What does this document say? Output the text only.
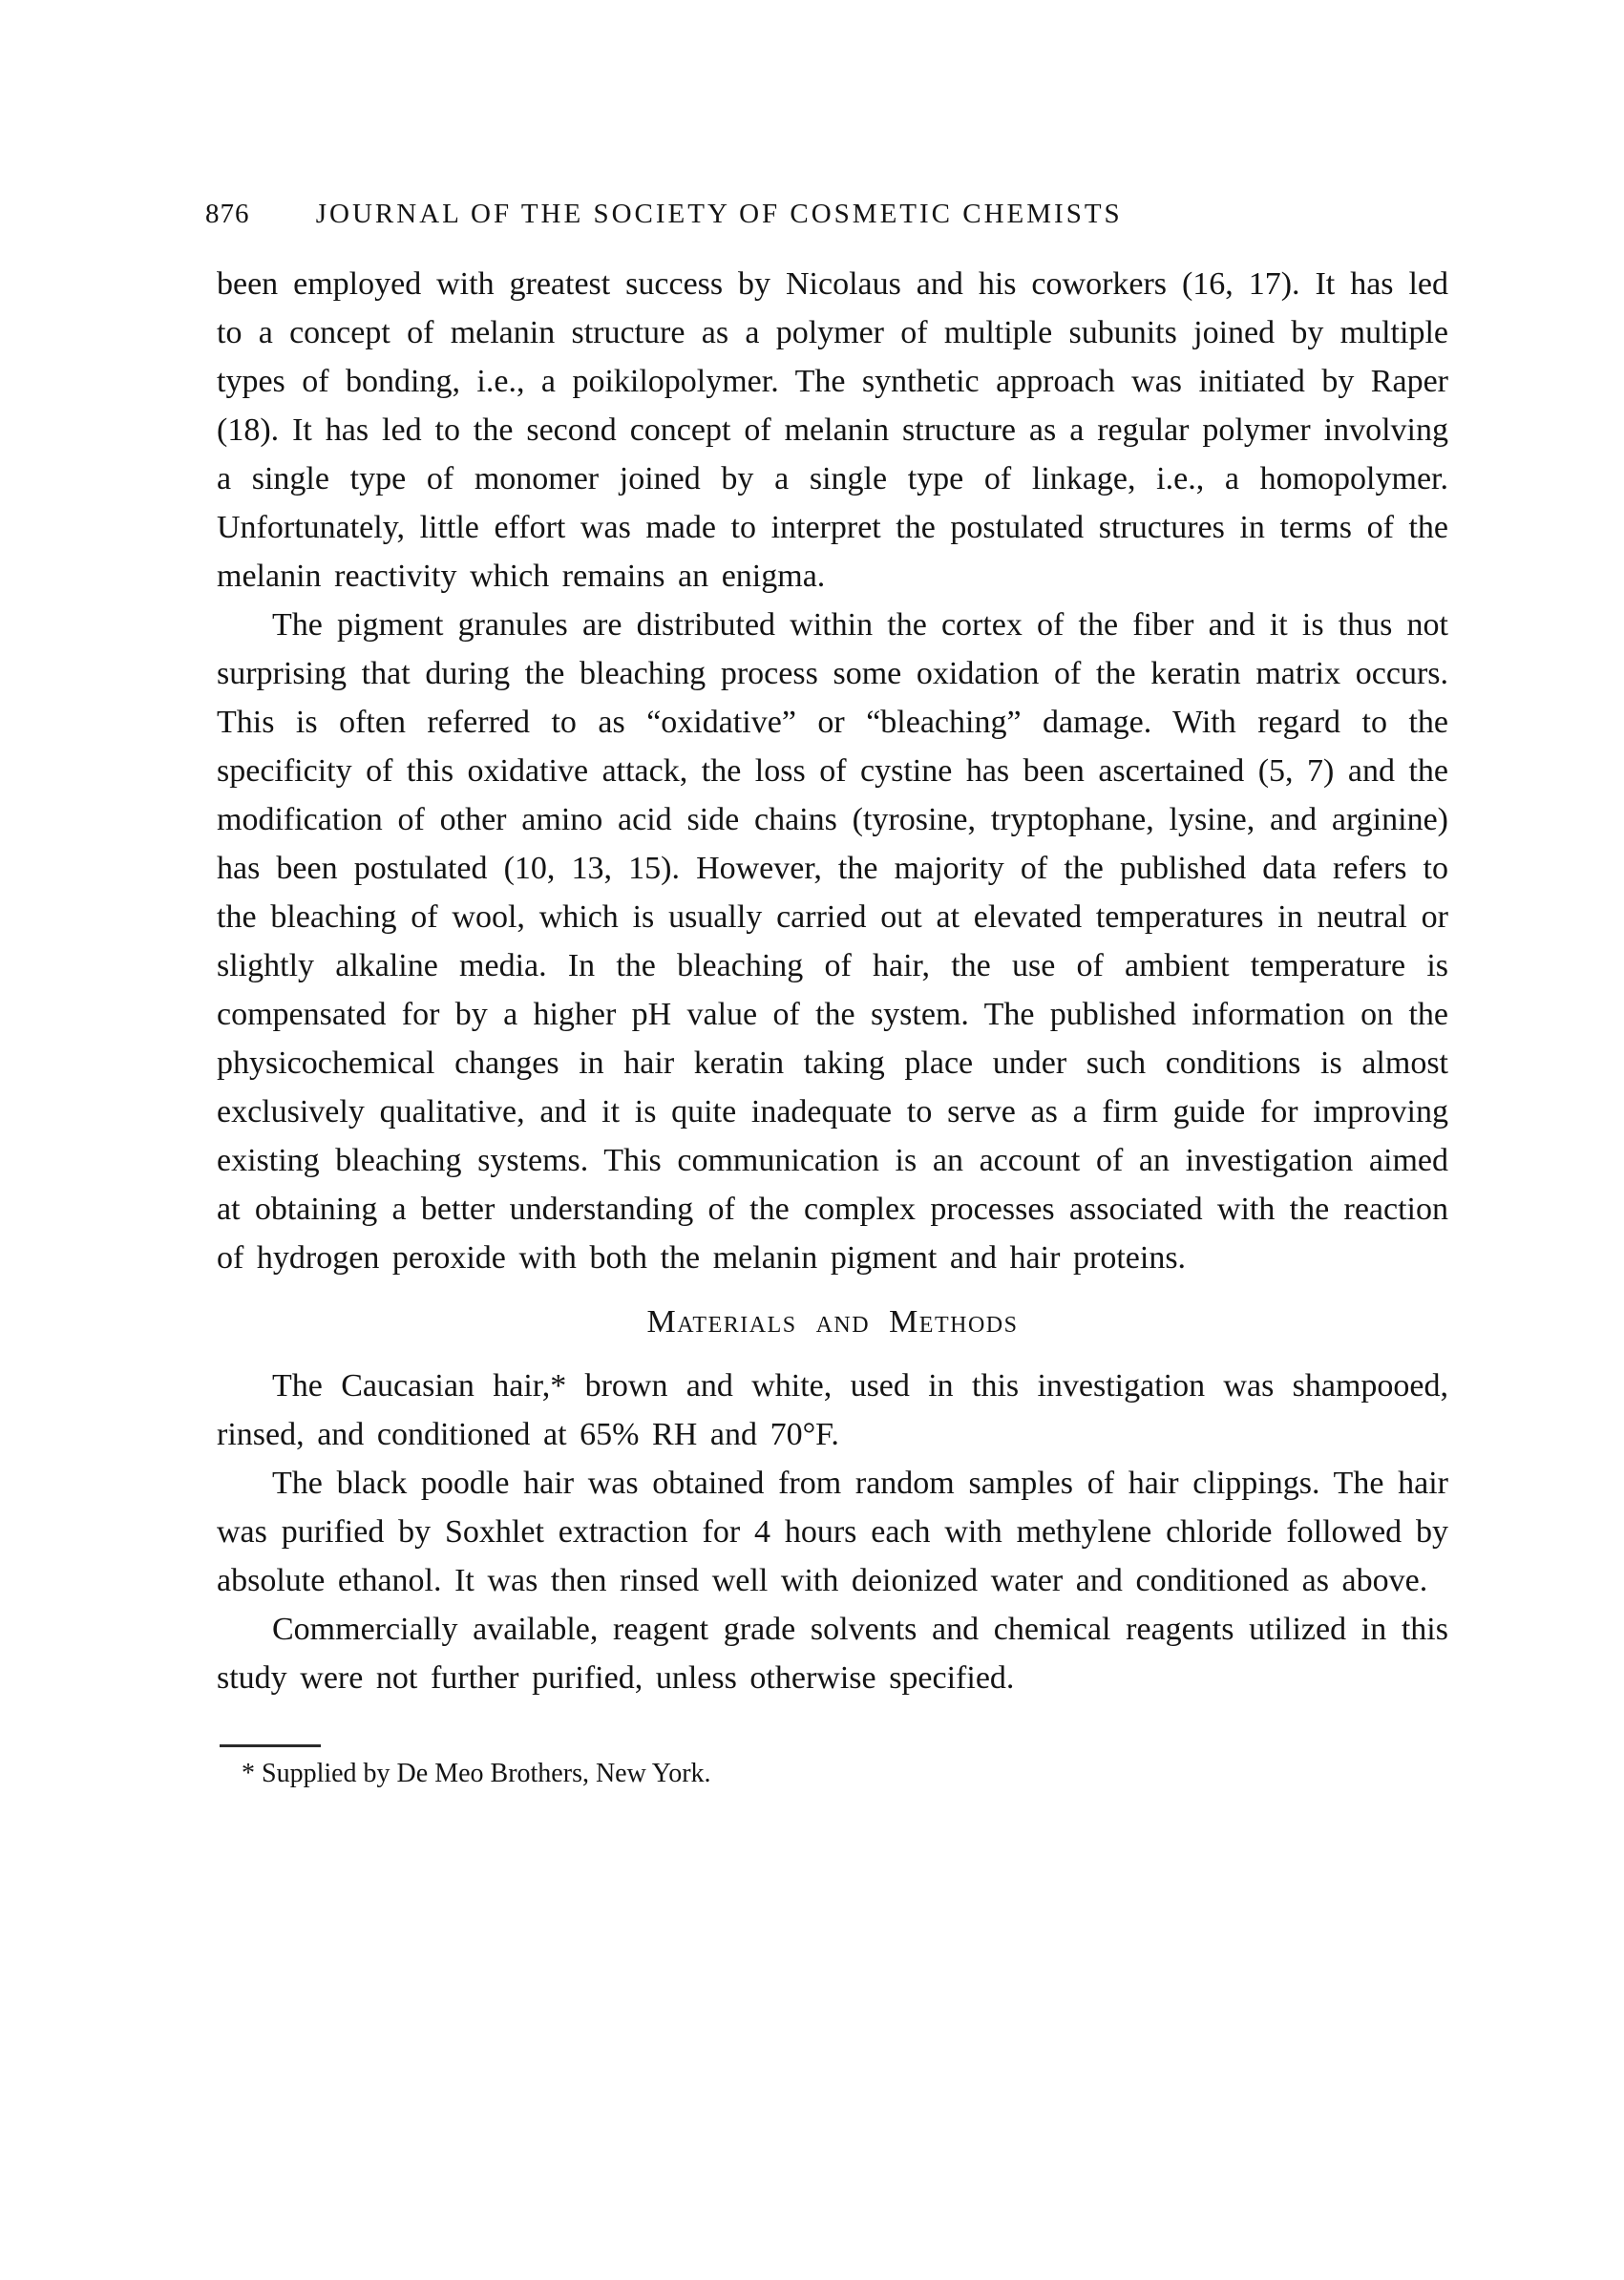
876 JOURNAL OF THE SOCIETY OF COSMETIC CHEMISTS

been employed with greatest success by Nicolaus and his coworkers (16, 17). It has led to a concept of melanin structure as a polymer of multiple subunits joined by multiple types of bonding, i.e., a poikilopolymer. The synthetic approach was initiated by Raper (18). It has led to the second concept of melanin structure as a regular polymer involving a single type of monomer joined by a single type of linkage, i.e., a homopolymer. Unfortunately, little effort was made to interpret the postulated structures in terms of the melanin reactivity which remains an enigma.

The pigment granules are distributed within the cortex of the fiber and it is thus not surprising that during the bleaching process some oxidation of the keratin matrix occurs. This is often referred to as “oxidative” or “bleaching” damage. With regard to the specificity of this oxidative attack, the loss of cystine has been ascertained (5, 7) and the modification of other amino acid side chains (tyrosine, tryptophane, lysine, and arginine) has been postulated (10, 13, 15). However, the majority of the published data refers to the bleaching of wool, which is usually carried out at elevated temperatures in neutral or slightly alkaline media. In the bleaching of hair, the use of ambient temperature is compensated for by a higher pH value of the system. The published information on the physicochemical changes in hair keratin taking place under such conditions is almost exclusively qualitative, and it is quite inadequate to serve as a firm guide for improving existing bleaching systems. This communication is an account of an investigation aimed at obtaining a better understanding of the complex processes associated with the reaction of hydrogen peroxide with both the melanin pigment and hair proteins.

Materials and Methods

The Caucasian hair,* brown and white, used in this investigation was shampooed, rinsed, and conditioned at 65% RH and 70°F.

The black poodle hair was obtained from random samples of hair clippings. The hair was purified by Soxhlet extraction for 4 hours each with methylene chloride followed by absolute ethanol. It was then rinsed well with deionized water and conditioned as above.

Commercially available, reagent grade solvents and chemical reagents utilized in this study were not further purified, unless otherwise specified.

* Supplied by De Meo Brothers, New York.
